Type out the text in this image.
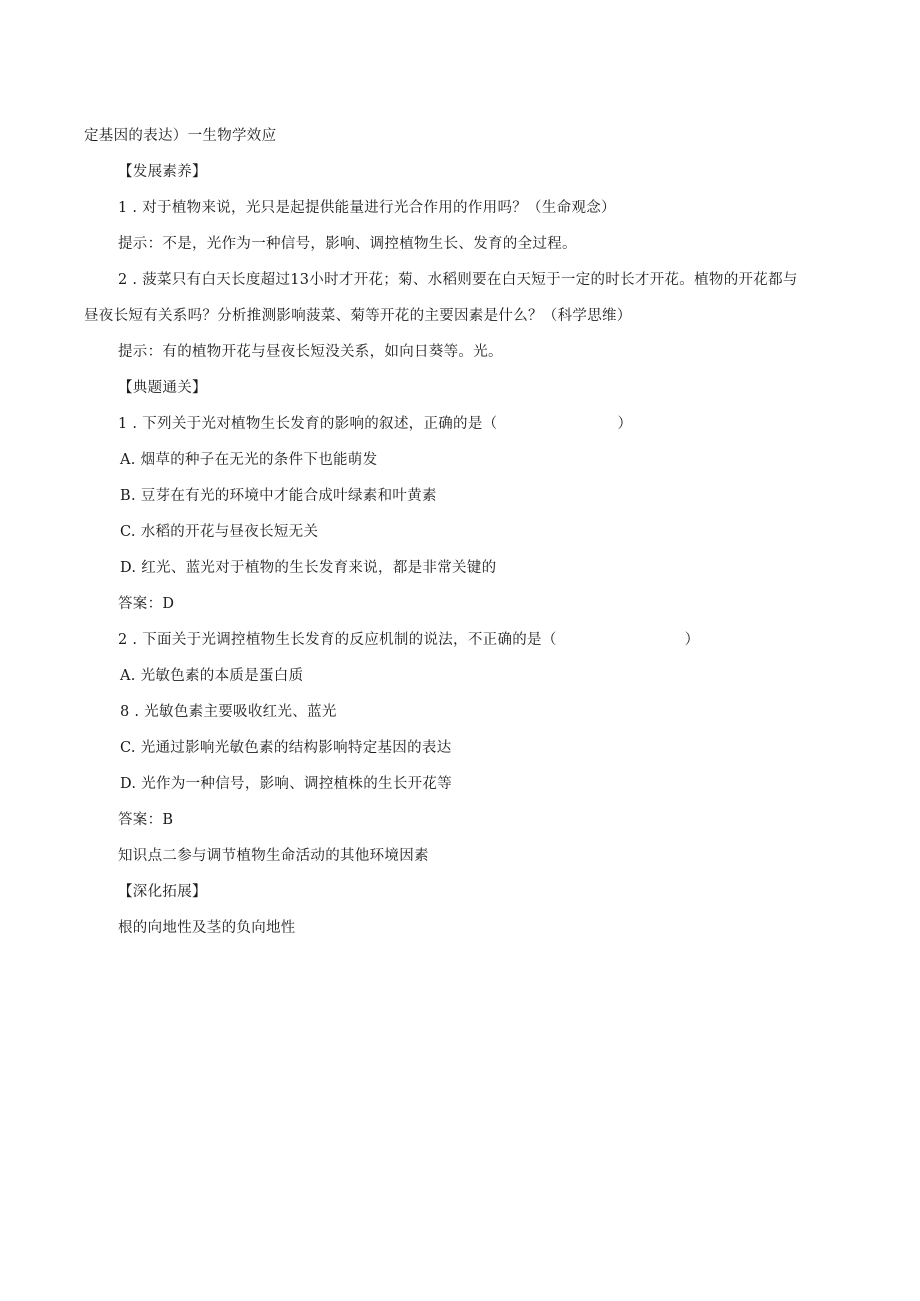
定基因的表达）一生物学效应
【发展素养】
1 . 对于植物来说，光只是起提供能量进行光合作用的作用吗？（生命观念）
提示：不是，光作为一种信号，影响、调控植物生长、发育的全过程。
2 . 菠菜只有白天长度超过13小时才开花；菊、水稻则要在白天短于一定的时长才开花。植物的开花都与
昼夜长短有关系吗？分析推测影响菠菜、菊等开花的主要因素是什么？（科学思维）
提示：有的植物开花与昼夜长短没关系，如向日葵等。光。
【典题通关】
1 . 下列关于光对植物生长发育的影响的叙述，正确的是（	）
A. 烟草的种子在无光的条件下也能萌发
B. 豆芽在有光的环境中才能合成叶绿素和叶黄素
C. 水稻的开花与昼夜长短无关
D. 红光、蓝光对于植物的生长发育来说，都是非常关键的
答案：D
2 . 下面关于光调控植物生长发育的反应机制的说法，不正确的是（	）
A. 光敏色素的本质是蛋白质
8 . 光敏色素主要吸收红光、蓝光
C. 光通过影响光敏色素的结构影响特定基因的表达
D. 光作为一种信号，影响、调控植株的生长开花等
答案：B
知识点二参与调节植物生命活动的其他环境因素
【深化拓展】
根的向地性及茎的负向地性
